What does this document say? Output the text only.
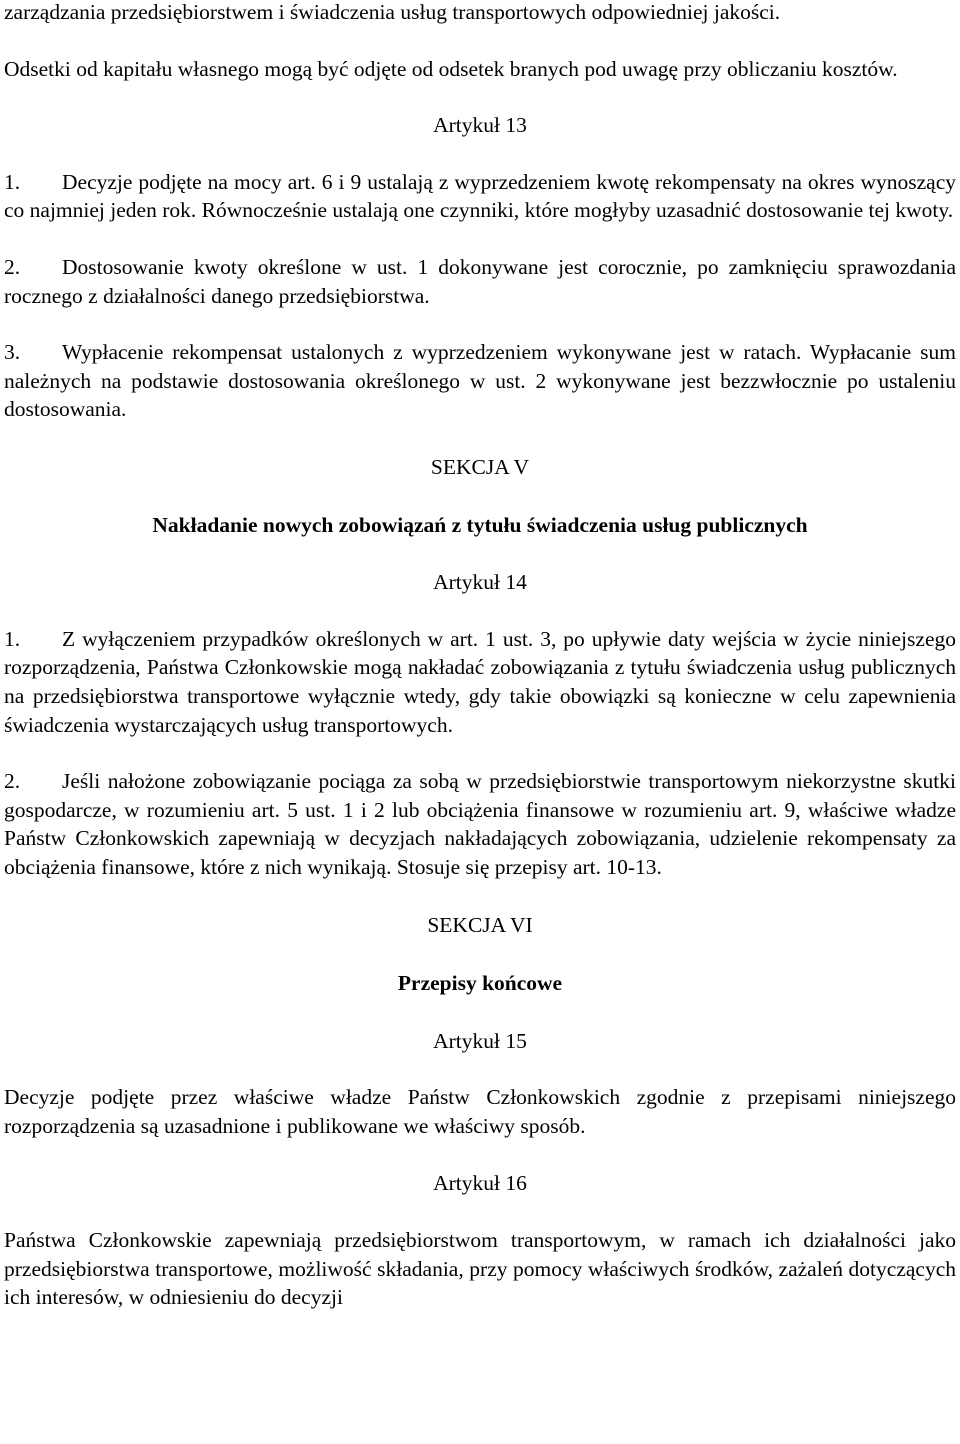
zarządzania przedsiębiorstwem i świadczenia usług transportowych odpowiedniej jakości.

Odsetki od kapitału własnego mogą być odjęte od odsetek branych pod uwagę przy obliczaniu kosztów.

Artykuł 13

1. Decyzje podjęte na mocy art. 6 i 9 ustalają z wyprzedzeniem kwotę rekompensaty na okres wynoszący co najmniej jeden rok. Równocześnie ustalają one czynniki, które mogłyby uzasadnić dostosowanie tej kwoty.

2. Dostosowanie kwoty określone w ust. 1 dokonywane jest corocznie, po zamknięciu sprawozdania rocznego z działalności danego przedsiębiorstwa.

3. Wypłacenie rekompensat ustalonych z wyprzedzeniem wykonywane jest w ratach. Wypłacanie sum należnych na podstawie dostosowania określonego w ust. 2 wykonywane jest bezzwłocznie po ustaleniu dostosowania.

SEKCJA V

Nakładanie nowych zobowiązań z tytułu świadczenia usług publicznych

Artykuł 14

1. Z wyłączeniem przypadków określonych w art. 1 ust. 3, po upływie daty wejścia w życie niniejszego rozporządzenia, Państwa Członkowskie mogą nakładać zobowiązania z tytułu świadczenia usług publicznych na przedsiębiorstwa transportowe wyłącznie wtedy, gdy takie obowiązki są konieczne w celu zapewnienia świadczenia wystarczających usług transportowych.

2. Jeśli nałożone zobowiązanie pociąga za sobą w przedsiębiorstwie transportowym niekorzystne skutki gospodarcze, w rozumieniu art. 5 ust. 1 i 2 lub obciążenia finansowe w rozumieniu art. 9, właściwe władze Państw Członkowskich zapewniają w decyzjach nakładających zobowiązania, udzielenie rekompensaty za obciążenia finansowe, które z nich wynikają. Stosuje się przepisy art. 10-13.

SEKCJA VI

Przepisy końcowe

Artykuł 15

Decyzje podjęte przez właściwe władze Państw Członkowskich zgodnie z przepisami niniejszego rozporządzenia są uzasadnione i publikowane we właściwy sposób.

Artykuł 16

Państwa Członkowskie zapewniają przedsiębiorstwom transportowym, w ramach ich działalności jako przedsiębiorstwa transportowe, możliwość składania, przy pomocy właściwych środków, zażaleń dotyczących ich interesów, w odniesieniu do decyzji
